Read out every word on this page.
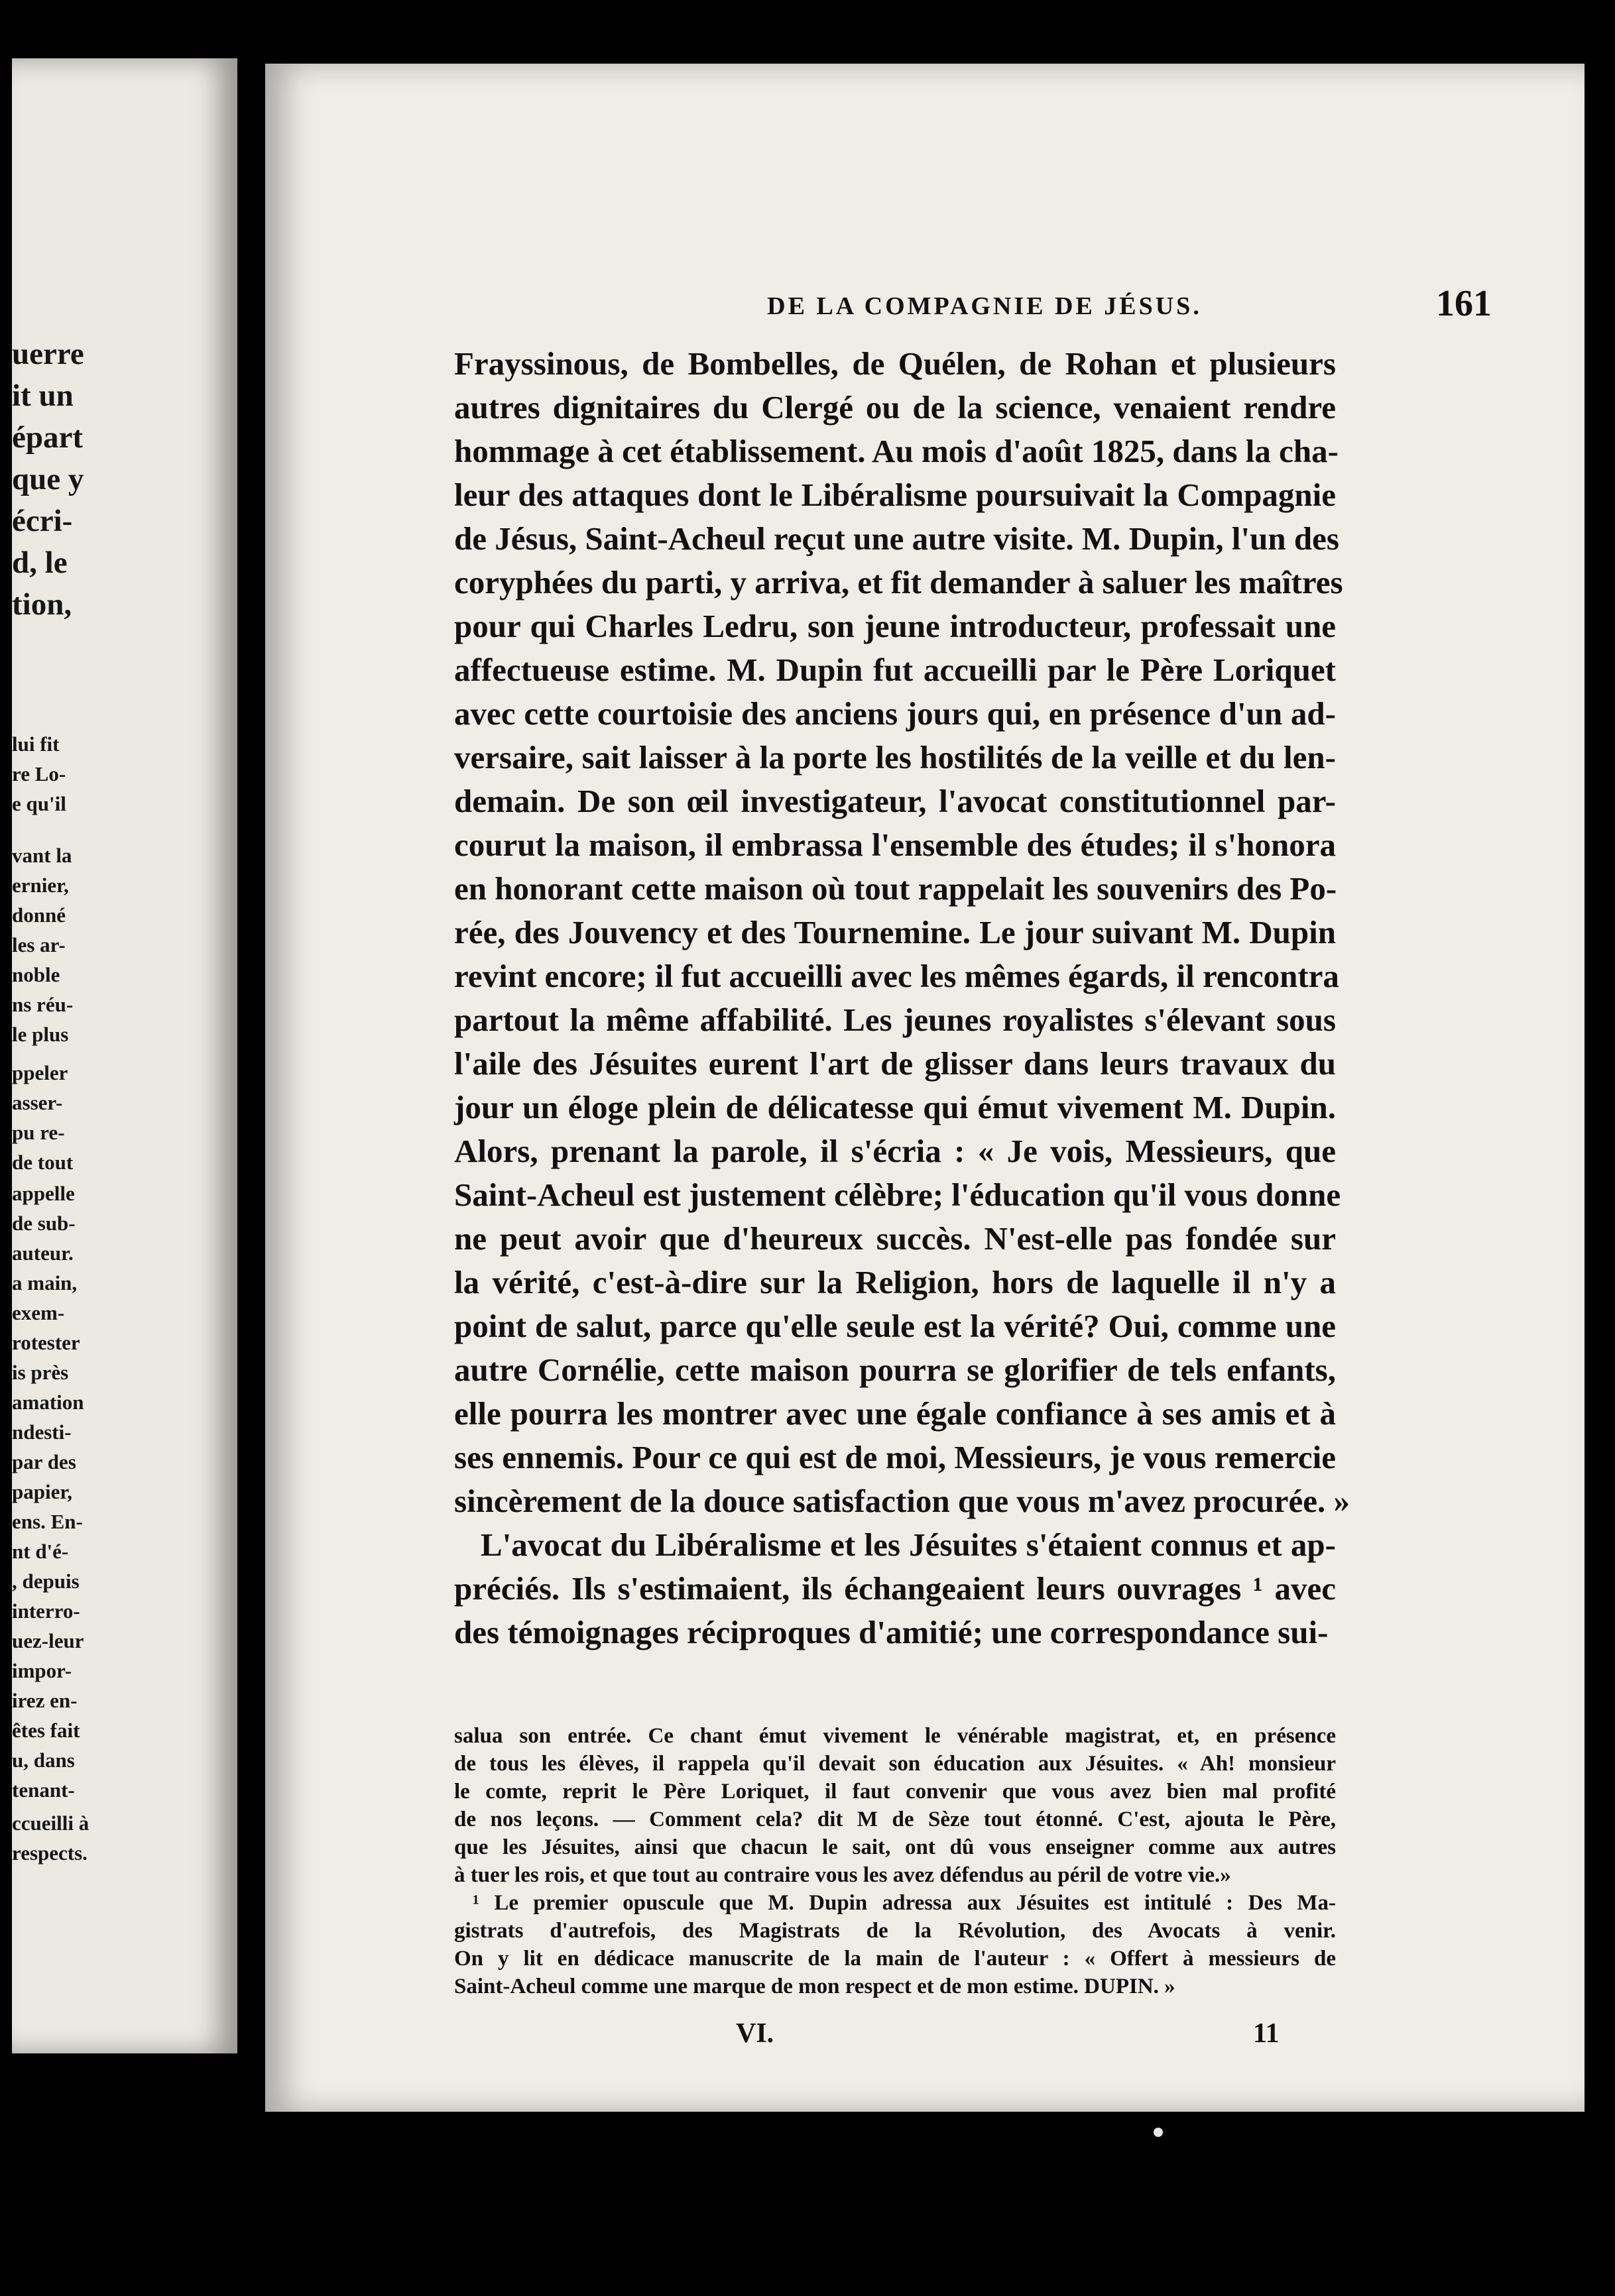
uerre
it un
épart
que y
écri-
d, le
tion,
lui fit
re Lo-
e qu'il
vant la
ernier,
donné
les ar-
noble
ns réu-
le plus
ppeler
asser-
pu re-
de tout
appelle
de sub-
auteur.
a main,
exem-
rotester
is près
amation
ndesti-
par des
papier,
ens. En-
nt d'é-
, depuis
interro-
uez-leur
impor-
irez en-
êtes fait
u, dans
tenant-
ccueilli à
respects.
DE LA COMPAGNIE DE JÉSUS.	161
Frayssinous, de Bombelles, de Quélen, de Rohan et plusieurs
autres dignitaires du Clergé ou de la science, venaient rendre
hommage à cet établissement. Au mois d'août 1825, dans la cha-
leur des attaques dont le Libéralisme poursuivait la Compagnie
de Jésus, Saint-Acheul reçut une autre visite. M. Dupin, l'un des
coryphées du parti, y arriva, et fit demander à saluer les maîtres
pour qui Charles Ledru, son jeune introducteur, professait une
affectueuse estime. M. Dupin fut accueilli par le Père Loriquet
avec cette courtoisie des anciens jours qui, en présence d'un ad-
versaire, sait laisser à la porte les hostilités de la veille et du len-
demain. De son œil investigateur, l'avocat constitutionnel par-
courut la maison, il embrassa l'ensemble des études; il s'honora
en honorant cette maison où tout rappelait les souvenirs des Po-
rée, des Jouvency et des Tournemine. Le jour suivant M. Dupin
revint encore; il fut accueilli avec les mêmes égards, il rencontra
partout la même affabilité. Les jeunes royalistes s'élevant sous
l'aile des Jésuites eurent l'art de glisser dans leurs travaux du
jour un éloge plein de délicatesse qui émut vivement M. Dupin.
Alors, prenant la parole, il s'écria : « Je vois, Messieurs, que
Saint-Acheul est justement célèbre; l'éducation qu'il vous donne
ne peut avoir que d'heureux succès. N'est-elle pas fondée sur
la vérité, c'est-à-dire sur la Religion, hors de laquelle il n'y a
point de salut, parce qu'elle seule est la vérité? Oui, comme une
autre Cornélie, cette maison pourra se glorifier de tels enfants,
elle pourra les montrer avec une égale confiance à ses amis et à
ses ennemis. Pour ce qui est de moi, Messieurs, je vous remercie
sincèrement de la douce satisfaction que vous m'avez procurée. »
L'avocat du Libéralisme et les Jésuites s'étaient connus et ap-
préciés. Ils s'estimaient, ils échangeaient leurs ouvrages ¹ avec
des témoignages réciproques d'amitié; une correspondance sui-
salua son entrée. Ce chant émut vivement le vénérable magistrat, et, en présence
de tous les élèves, il rappela qu'il devait son éducation aux Jésuites. « Ah! monsieur
le comte, reprit le Père Loriquet, il faut convenir que vous avez bien mal profité
de nos leçons. — Comment cela? dit M de Sèze tout étonné. C'est, ajouta le Père,
que les Jésuites, ainsi que chacun le sait, ont dû vous enseigner comme aux autres
à tuer les rois, et que tout au contraire vous les avez défendus au péril de votre vie.»
¹ Le premier opuscule que M. Dupin adressa aux Jésuites est intitulé : Des Ma-
gistrats d'autrefois, des Magistrats de la Révolution, des Avocats à venir.
On y lit en dédicace manuscrite de la main de l'auteur : « Offert à messieurs de
Saint-Acheul comme une marque de mon respect et de mon estime. DUPIN. »
VI.	11
